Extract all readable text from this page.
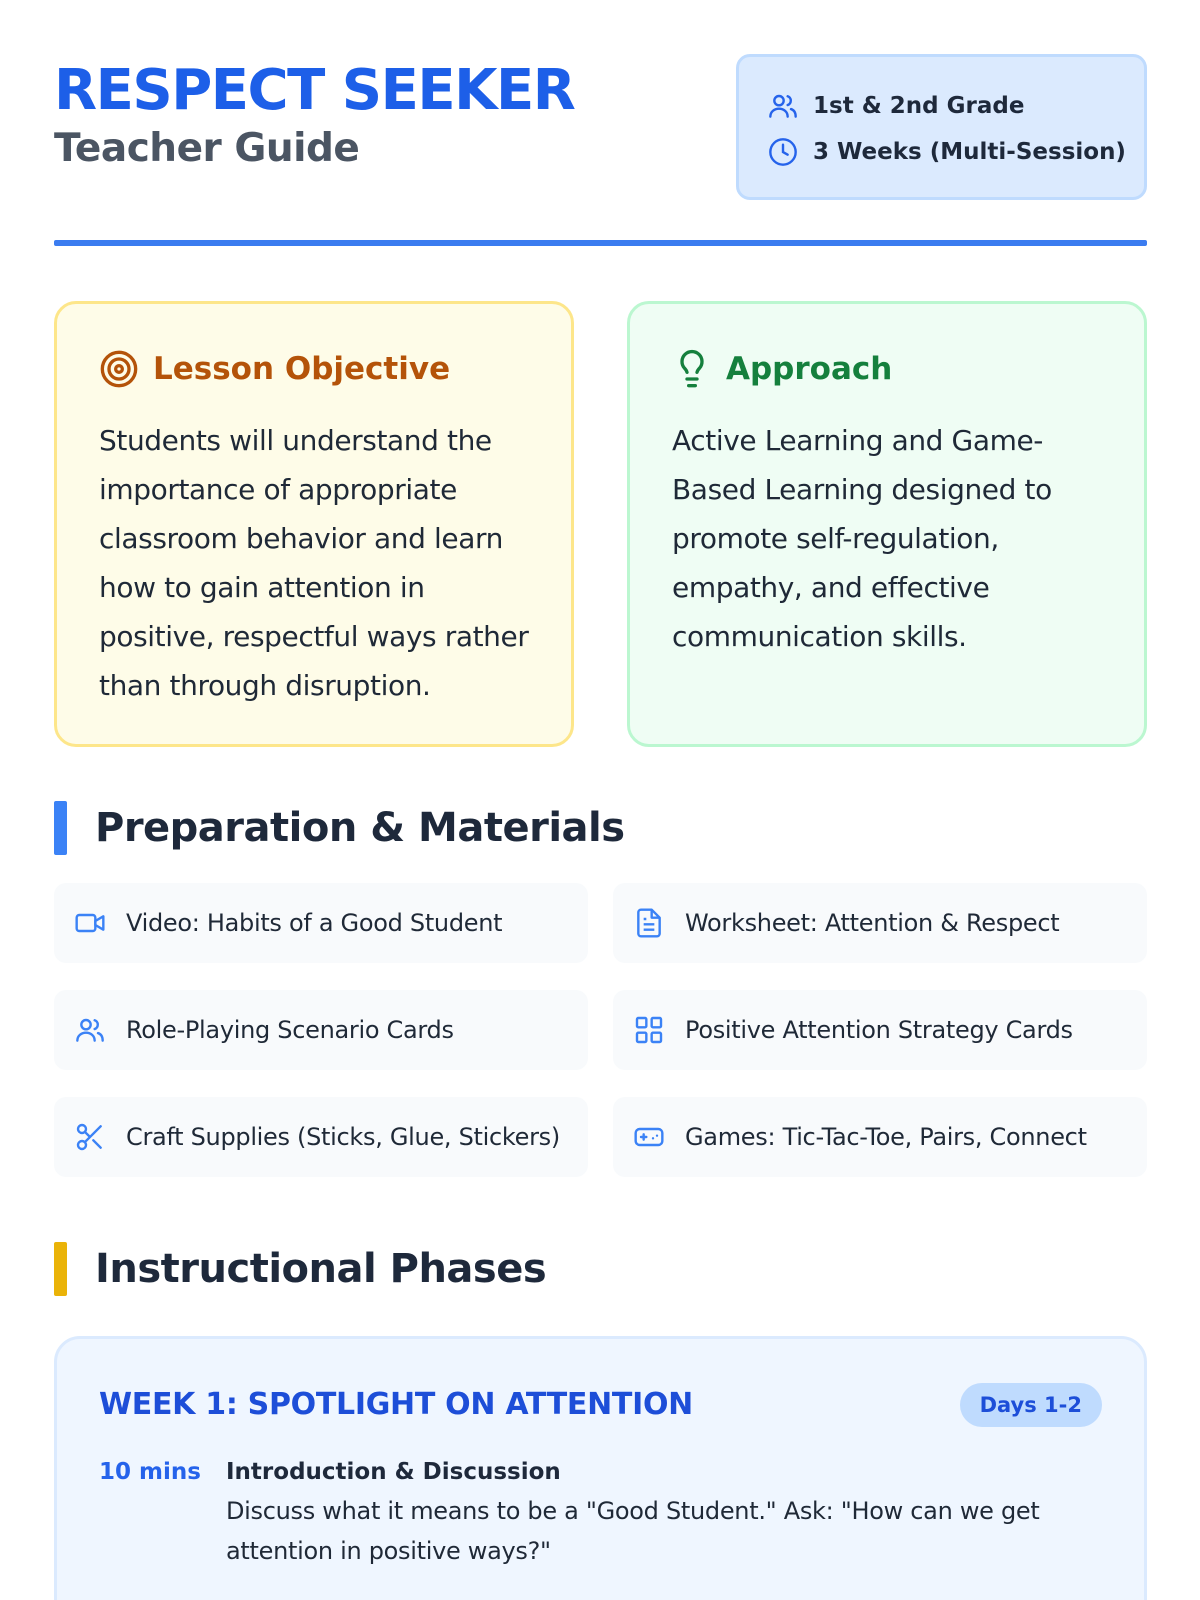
RESPECT SEEKER
Teacher Guide
1st & 2nd Grade
3 Weeks (Multi-Session)
Lesson Objective
Students will understand the importance of appropriate classroom behavior and learn how to gain attention in positive, respectful ways rather than through disruption.
Approach
Active Learning and Game-Based Learning designed to promote self-regulation, empathy, and effective communication skills.
Preparation & Materials
Video: Habits of a Good Student	Worksheet: Attention & Respect
Role-Playing Scenario Cards	Positive Attention Strategy Cards
Craft Supplies (Sticks, Glue, Stickers)	Games: Tic-Tac-Toe, Pairs, Connect
Instructional Phases
WEEK 1: SPOTLIGHT ON ATTENTION	Days 1-2
10 mins Introduction & Discussion
Discuss what it means to be a "Good Student." Ask: "How can we get attention in positive ways?"
